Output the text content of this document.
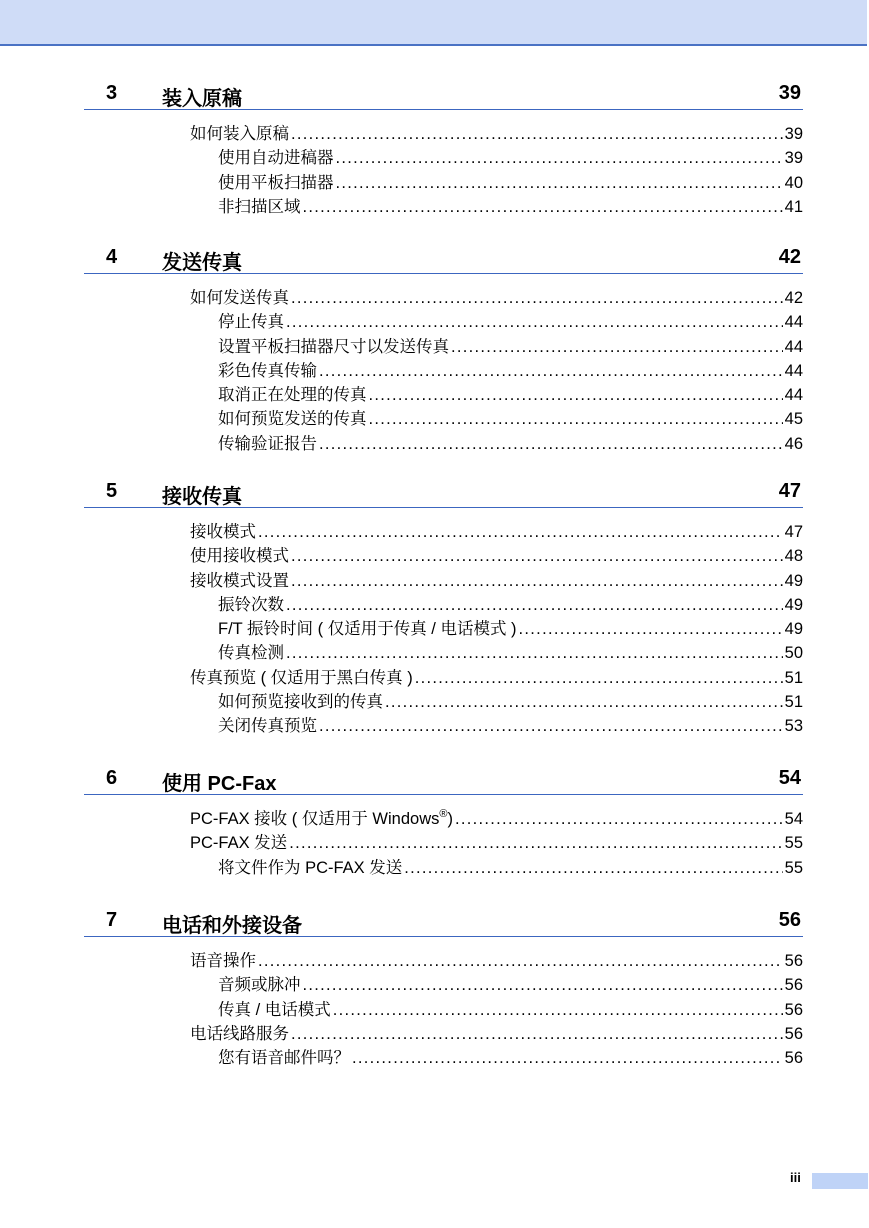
3 装入原稿	39
如何装入原稿 .....	39
使用自动进稿器 .....	39
使用平板扫描器 .....	40
非扫描区域 .....	41
4 发送传真	42
如何发送传真 .....	42
停止传真 .....	44
设置平板扫描器尺寸以发送传真 .....	44
彩色传真传输 .....	44
取消正在处理的传真 .....	44
如何预览发送的传真 .....	45
传输验证报告 .....	46
5 接收传真	47
接收模式 .....	47
使用接收模式 .....	48
接收模式设置 .....	49
振铃次数 .....	49
F/T 振铃时间 ( 仅适用于传真 / 电话模式 ) .....	49
传真检测 .....	50
传真预览 ( 仅适用于黑白传真 ) .....	51
如何预览接收到的传真 .....	51
关闭传真预览 .....	53
6 使用 PC-Fax	54
PC-FAX 接收 ( 仅适用于 Windows®) .....	54
PC-FAX 发送 .....	55
将文件作为 PC-FAX 发送 .....	55
7 电话和外接设备	56
语音操作 .....	56
音频或脉冲 .....	56
传真 / 电话模式 .....	56
电话线路服务 .....	56
您有语音邮件吗？ .....	56
iii
